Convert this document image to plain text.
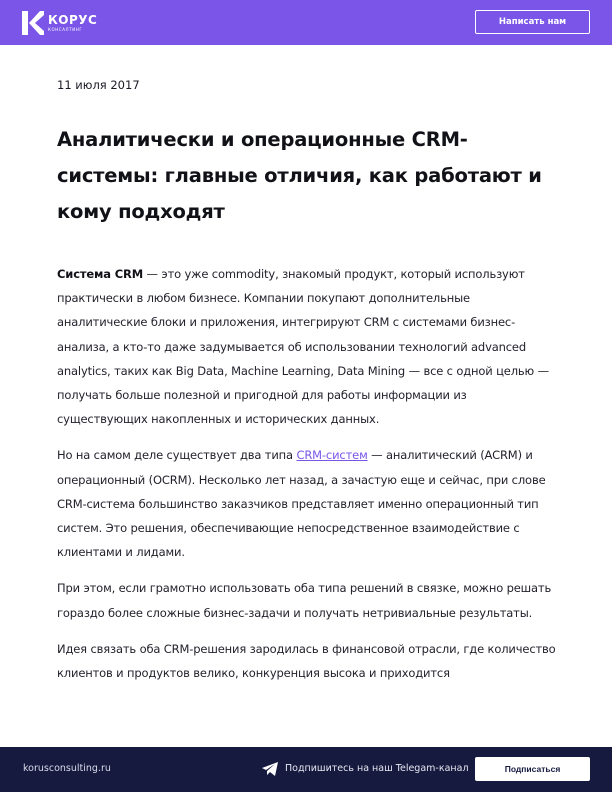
КОРУС
КОНСАЛТИНГ
Написать нам
11 июля 2017
Аналитически и операционные CRM-системы: главные отличия, как работают и кому подходят

Система CRM — это уже commodity, знакомый продукт, который используют практически в любом бизнесе. Компании покупают дополнительные аналитические блоки и приложения, интегрируют CRM с системами бизнес-анализа, а кто-то даже задумывается об использовании технологий advanced analytics, таких как Big Data, Machine Learning, Data Mining — все с одной целью — получать больше полезной и пригодной для работы информации из существующих накопленных и исторических данных.

Но на самом деле существует два типа CRM-систем — аналитический (ACRM) и операционный (OCRM). Несколько лет назад, а зачастую еще и сейчас, при слове CRM-система большинство заказчиков представляет именно операционный тип систем. Это решения, обеспечивающие непосредственное взаимодействие с клиентами и лидами.

При этом, если грамотно использовать оба типа решений в связке, можно решать гораздо более сложные бизнес-задачи и получать нетривиальные результаты.

Идея связать оба CRM-решения зародилась в финансовой отрасли, где количество клиентов и продуктов велико, конкуренция высока и приходится

korusconsulting.ru	Подпишитесь на наш Telegam-канал	Подписаться
